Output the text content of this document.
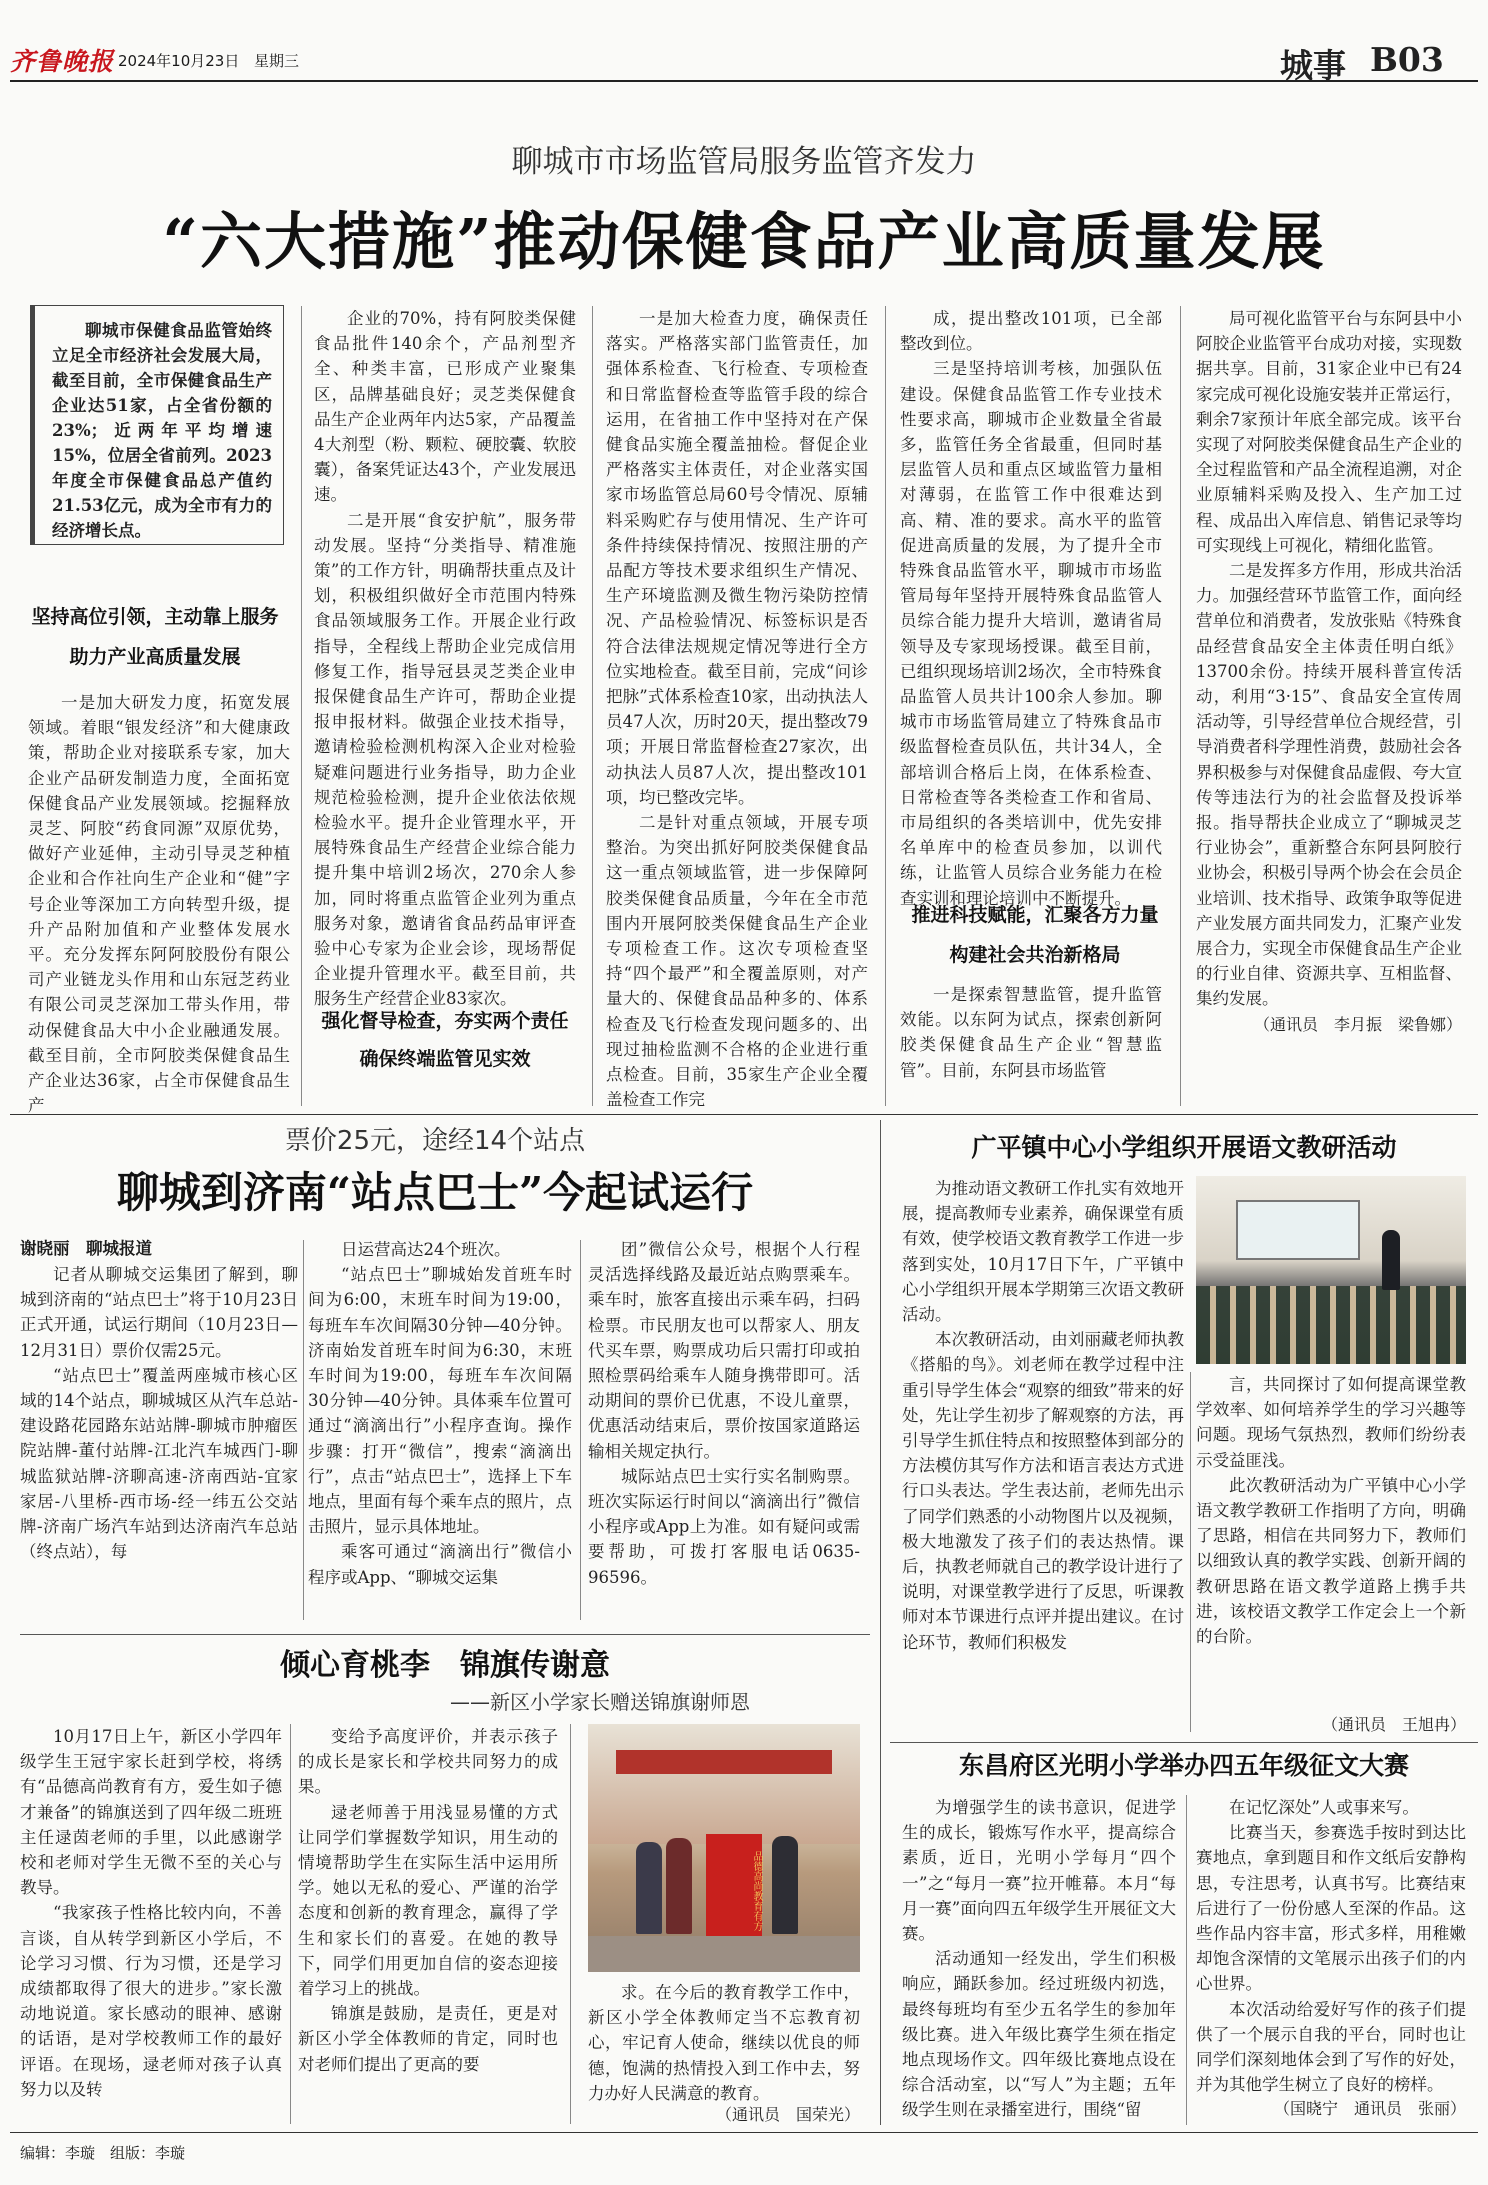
齐鲁晚报 2024年10月23日 星期三	城事 B03
聊城市市场监管局服务监管齐发力
“六大措施”推动保健食品产业高质量发展

聊城市保健食品监管始终立足全市经济社会发展大局，截至目前，全市保健食品生产企业达51家，占全省份额的23%；近两年平均增速15%，位居全省前列。2023年度全市保健食品总产值约21.53亿元，成为全市有力的经济增长点。

坚持高位引领，主动靠上服务
助力产业高质量发展

一是加大研发力度，拓宽发展领域。着眼“银发经济”和大健康政策，帮助企业对接联系专家，加大企业产品研发制造力度，全面拓宽保健食品产业发展领域。挖掘释放灵芝、阿胶“药食同源”双原优势，做好产业延伸，主动引导灵芝种植企业和合作社向生产企业和“健”字号企业等深加工方向转型升级，提升产品附加值和产业整体发展水平。充分发挥东阿阿胶股份有限公司产业链龙头作用和山东冠芝药业有限公司灵芝深加工带头作用，带动保健食品大中小企业融通发展。截至目前，全市阿胶类保健食品生产企业达36家，占全市保健食品生产

企业的70%，持有阿胶类保健食品批件140余个，产品剂型齐全、种类丰富，已形成产业聚集区，品牌基础良好；灵芝类保健食品生产企业两年内达5家，产品覆盖4大剂型（粉、颗粒、硬胶囊、软胶囊），备案凭证达43个，产业发展迅速。

二是开展“食安护航”，服务带动发展。坚持“分类指导、精准施策”的工作方针，明确帮扶重点及计划，积极组织做好全市范围内特殊食品领域服务工作。开展企业行政指导，全程线上帮助企业完成信用修复工作，指导冠县灵芝类企业申报保健食品生产许可，帮助企业提报申报材料。做强企业技术指导，邀请检验检测机构深入企业对检验疑难问题进行业务指导，助力企业规范检验检测，提升企业依法依规检验水平。提升企业管理水平，开展特殊食品生产经营企业综合能力提升集中培训2场次，270余人参加，同时将重点监管企业列为重点服务对象，邀请省食品药品审评查验中心专家为企业会诊，现场帮促企业提升管理水平。截至目前，共服务生产经营企业83家次。

强化督导检查，夯实两个责任
确保终端监管见实效

一是加大检查力度，确保责任落实。严格落实部门监管责任，加强体系检查、飞行检查、专项检查和日常监督检查等监管手段的综合运用，在省抽工作中坚持对在产保健食品实施全覆盖抽检。督促企业严格落实主体责任，对企业落实国家市场监管总局60号令情况、原辅料采购贮存与使用情况、生产许可条件持续保持情况、按照注册的产品配方等技术要求组织生产情况、生产环境监测及微生物污染防控情况、产品检验情况、标签标识是否符合法律法规规定情况等进行全方位实地检查。截至目前，完成“问诊把脉”式体系检查10家，出动执法人员47人次，历时20天，提出整改79项；开展日常监督检查27家次，出动执法人员87人次，提出整改101项，均已整改完毕。

二是针对重点领域，开展专项整治。为突出抓好阿胶类保健食品这一重点领域监管，进一步保障阿胶类保健食品质量，今年在全市范围内开展阿胶类保健食品生产企业专项检查工作。这次专项检查坚持“四个最严”和全覆盖原则，对产量大的、保健食品品种多的、体系检查及飞行检查发现问题多的、出现过抽检监测不合格的企业进行重点检查。目前，35家生产企业全覆盖检查工作完

成，提出整改101项，已全部整改到位。

三是坚持培训考核，加强队伍建设。保健食品监管工作专业技术性要求高，聊城市企业数量全省最多，监管任务全省最重，但同时基层监管人员和重点区域监管力量相对薄弱，在监管工作中很难达到高、精、准的要求。高水平的监管促进高质量的发展，为了提升全市特殊食品监管水平，聊城市市场监管局每年坚持开展特殊食品监管人员综合能力提升大培训，邀请省局领导及专家现场授课。截至目前，已组织现场培训2场次，全市特殊食品监管人员共计100余人参加。聊城市市场监管局建立了特殊食品市级监督检查员队伍，共计34人，全部培训合格后上岗，在体系检查、日常检查等各类检查工作和省局、市局组织的各类培训中，优先安排名单库中的检查员参加，以训代练，让监管人员综合业务能力在检查实训和理论培训中不断提升。

推进科技赋能，汇聚各方力量
构建社会共治新格局

一是探索智慧监管，提升监管效能。以东阿为试点，探索创新阿胶类保健食品生产企业“智慧监管”。目前，东阿县市场监管

局可视化监管平台与东阿县中小阿胶企业监管平台成功对接，实现数据共享。目前，31家企业中已有24家完成可视化设施安装并正常运行，剩余7家预计年底全部完成。该平台实现了对阿胶类保健食品生产企业的全过程监管和产品全流程追溯，对企业原辅料采购及投入、生产加工过程、成品出入库信息、销售记录等均可实现线上可视化，精细化监管。

二是发挥多方作用，形成共治活力。加强经营环节监管工作，面向经营单位和消费者，发放张贴《特殊食品经营食品安全主体责任明白纸》13700余份。持续开展科普宣传活动，利用“3·15”、食品安全宣传周活动等，引导经营单位合规经营，引导消费者科学理性消费，鼓励社会各界积极参与对保健食品虚假、夸大宣传等违法行为的社会监督及投诉举报。指导帮扶企业成立了“聊城灵芝行业协会”，重新整合东阿县阿胶行业协会，积极引导两个协会在会员企业培训、技术指导、政策争取等促进产业发展方面共同发力，汇聚产业发展合力，实现全市保健食品生产企业的行业自律、资源共享、互相监督、集约发展。

（通讯员　李月振　梁鲁娜）
票价25元，途经14个站点
聊城到济南“站点巴士”今起试运行
谢晓丽　聊城报道

记者从聊城交运集团了解到，聊城到济南的“站点巴士”将于10月23日正式开通，试运行期间（10月23日—12月31日）票价仅需25元。

“站点巴士”覆盖两座城市核心区域的14个站点，聊城城区从汽车总站-建设路花园路东站站牌-聊城市肿瘤医院站牌-董付站牌-江北汽车城西门-聊城监狱站牌-济聊高速-济南西站-宜家家居-八里桥-西市场-经一纬五公交站牌-济南广场汽车站到达济南汽车总站（终点站），每

日运营高达24个班次。

“站点巴士”聊城始发首班车时间为6:00，末班车时间为19:00，每班车车次间隔30分钟—40分钟。济南始发首班车时间为6:30，末班车时间为19:00，每班车车次间隔30分钟—40分钟。具体乘车位置可通过“滴滴出行”小程序查询。操作步骤：打开“微信”，搜索“滴滴出行”，点击“站点巴士”，选择上下车地点，里面有每个乘车点的照片，点击照片，显示具体地址。

乘客可通过“滴滴出行”微信小程序或App、“聊城交运集

团”微信公众号，根据个人行程灵活选择线路及最近站点购票乘车。乘车时，旅客直接出示乘车码，扫码检票。市民朋友也可以帮家人、朋友代买车票，购票成功后只需打印或拍照检票码给乘车人随身携带即可。活动期间的票价已优惠，不设儿童票，优惠活动结束后，票价按国家道路运输相关规定执行。

城际站点巴士实行实名制购票。班次实际运行时间以“滴滴出行”微信小程序或App上为准。如有疑问或需要帮助，可拨打客服电话0635-96596。

倾心育桃李　锦旗传谢意
——新区小学家长赠送锦旗谢师恩

10月17日上午，新区小学四年级学生王冠宇家长赶到学校，将绣有“品德高尚教育有方，爱生如子德才兼备”的锦旗送到了四年级二班班主任逯茵老师的手里，以此感谢学校和老师对学生无微不至的关心与教导。

“我家孩子性格比较内向，不善言谈，自从转学到新区小学后，不论学习习惯、行为习惯，还是学习成绩都取得了很大的进步。”家长激动地说道。家长感动的眼神、感谢的话语，是对学校教师工作的最好评语。在现场，逯老师对孩子认真努力以及转

变给予高度评价，并表示孩子的成长是家长和学校共同努力的成果。

逯老师善于用浅显易懂的方式让同学们掌握数学知识，用生动的情境帮助学生在实际生活中运用所学。她以无私的爱心、严谨的治学态度和创新的教育理念，赢得了学生和家长们的喜爱。在她的教导下，同学们用更加自信的姿态迎接着学习上的挑战。

锦旗是鼓励，是责任，更是对新区小学全体教师的肯定，同时也对老师们提出了更高的要

品德高尚教育有方

求。在今后的教育教学工作中，新区小学全体教师定当不忘教育初心，牢记育人使命，继续以优良的师德，饱满的热情投入到工作中去，努力办好人民满意的教育。

（通讯员　国荣光）
广平镇中心小学组织开展语文教研活动

为推动语文教研工作扎实有效地开展，提高教师专业素养，确保课堂有质有效，使学校语文教育教学工作进一步落到实处，10月17日下午，广平镇中心小学组织开展本学期第三次语文教研活动。

本次教研活动，由刘丽藏老师执教《搭船的鸟》。刘老师在教学过程中注重引导学生体会“观察的细致”带来的好处，先让学生初步了解观察的方法，再引导学生抓住特点和按照整体到部分的方法模仿其写作方法和语言表达方式进行口头表达。学生表达前，老师先出示了同学们熟悉的小动物图片以及视频，极大地激发了孩子们的表达热情。课后，执教老师就自己的教学设计进行了说明，对课堂教学进行了反思，听课教师对本节课进行点评并提出建议。在讨论环节，教师们积极发

言，共同探讨了如何提高课堂教学效率、如何培养学生的学习兴趣等问题。现场气氛热烈，教师们纷纷表示受益匪浅。

此次教研活动为广平镇中心小学语文教学教研工作指明了方向，明确了思路，相信在共同努力下，教师们以细致认真的教学实践、创新开阔的教研思路在语文教学道路上携手共进，该校语文教学工作定会上一个新的台阶。

（通讯员　王旭冉）
东昌府区光明小学举办四五年级征文大赛

为增强学生的读书意识，促进学生的成长，锻炼写作水平，提高综合素质，近日，光明小学每月“四个一”之“每月一赛”拉开帷幕。本月“每月一赛”面向四五年级学生开展征文大赛。

活动通知一经发出，学生们积极响应，踊跃参加。经过班级内初选，最终每班均有至少五名学生的参加年级比赛。进入年级比赛学生须在指定地点现场作文。四年级比赛地点设在综合活动室，以“写人”为主题；五年级学生则在录播室进行，围绕“留

在记忆深处”人或事来写。

比赛当天，参赛选手按时到达比赛地点，拿到题目和作文纸后安静构思，专注思考，认真书写。比赛结束后进行了一份份感人至深的作品。这些作品内容丰富，形式多样，用稚嫩却饱含深情的文笔展示出孩子们的内心世界。

本次活动给爱好写作的孩子们提供了一个展示自我的平台，同时也让同学们深刻地体会到了写作的好处，并为其他学生树立了良好的榜样。

（国晓宁　通讯员　张丽）
编辑：李璇 组版：李璇
